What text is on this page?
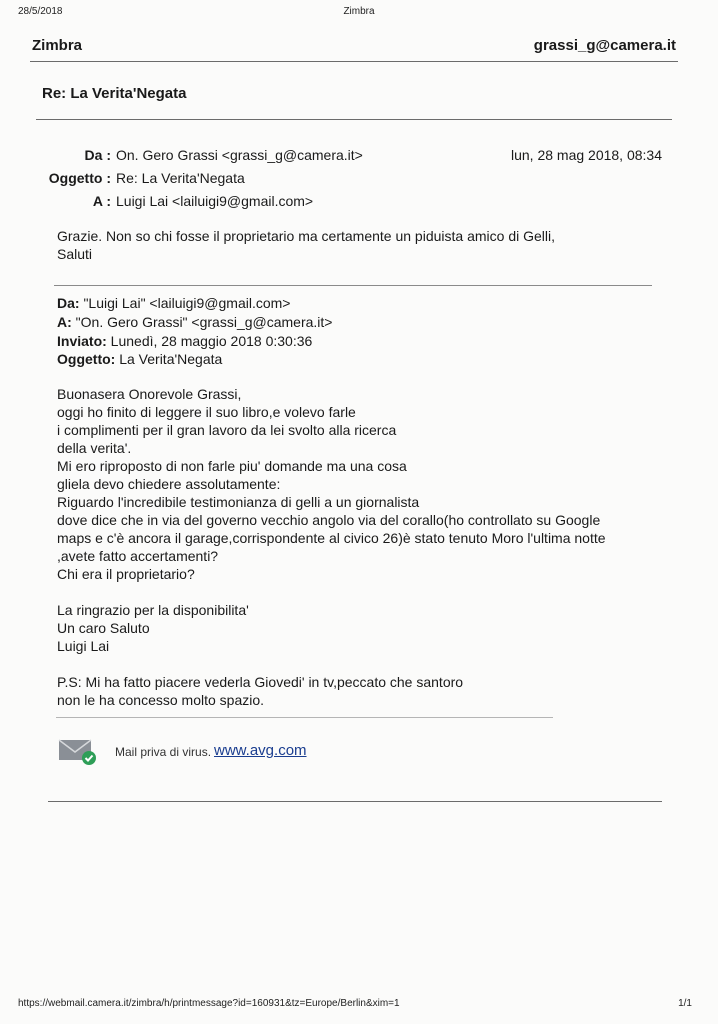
28/5/2018	Zimbra
Zimbra	grassi_g@camera.it
Re: La Verita'Negata
Da : On. Gero Grassi <grassi_g@camera.it>	lun, 28 mag 2018, 08:34
Oggetto : Re: La Verita'Negata
A : Luigi Lai <lailuigi9@gmail.com>
Grazie. Non so chi fosse il proprietario ma certamente un piduista amico di Gelli,
Saluti
Da: "Luigi Lai" <lailuigi9@gmail.com>
A: "On. Gero Grassi" <grassi_g@camera.it>
Inviato: Lunedì, 28 maggio 2018 0:30:36
Oggetto: La Verita'Negata
Buonasera Onorevole Grassi,
oggi ho finito di leggere il suo libro,e volevo farle
i complimenti per il gran lavoro da lei svolto alla ricerca
della verita'.
Mi ero riproposto di non farle piu' domande ma una cosa
gliela devo chiedere assolutamente:
Riguardo l'incredibile testimonianza di gelli a un giornalista
dove dice che in via del governo vecchio angolo via del corallo(ho controllato su Google
maps e c'è ancora il garage,corrispondente al civico 26)è stato tenuto Moro l'ultima notte
,avete fatto accertamenti?
Chi era il proprietario?
La ringrazio per la disponibilita'
Un caro Saluto
Luigi Lai
P.S: Mi ha fatto piacere vederla Giovedi' in tv,peccato che santoro
non le ha concesso molto spazio.
Mail priva di virus. www.avg.com
https://webmail.camera.it/zimbra/h/printmessage?id=160931&tz=Europe/Berlin&xim=1	1/1
